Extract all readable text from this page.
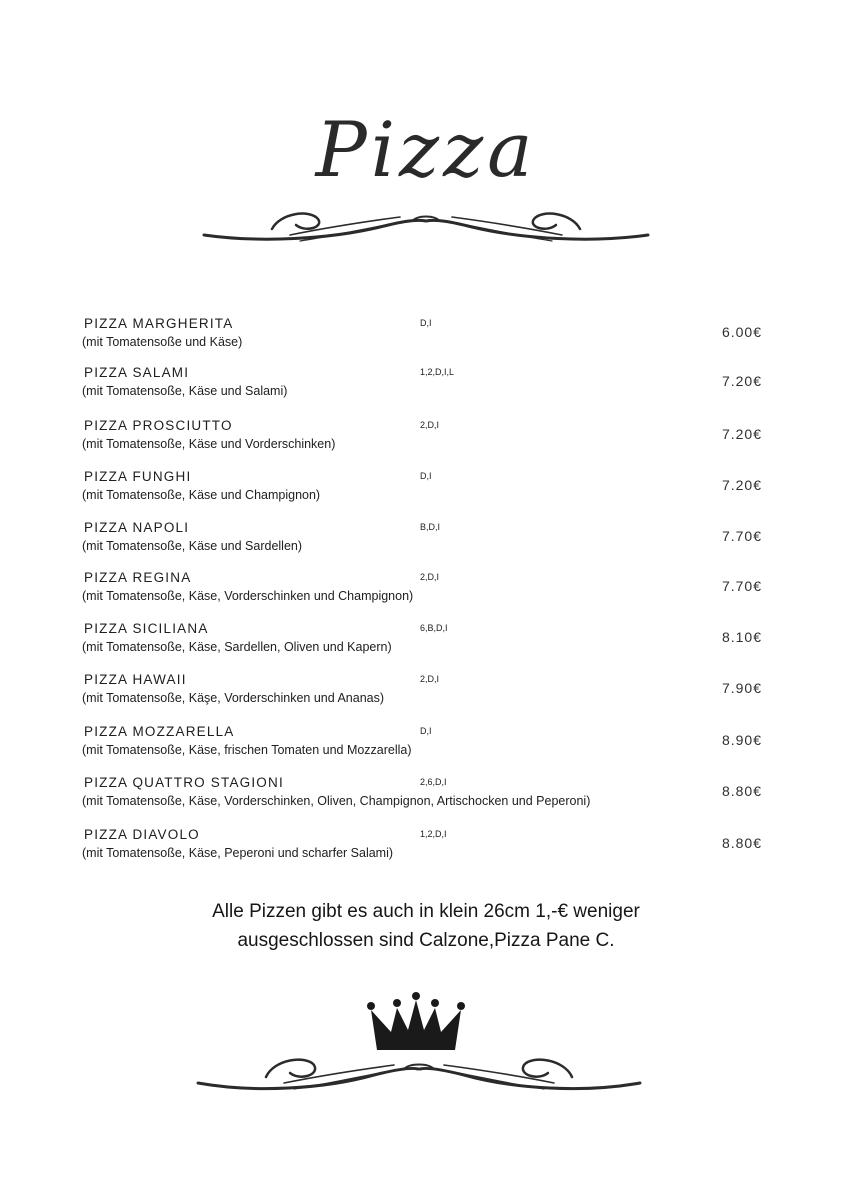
Pizza
PIZZA MARGHERITA
(mit Tomatensoße und Käse)
D,I
6.00€
PIZZA SALAMI
(mit Tomatensoße, Käse und Salami)
1,2,D,I,L
7.20€
PIZZA PROSCIUTTO
(mit Tomatensoße, Käse und Vorderschinken)
2,D,I
7.20€
PIZZA FUNGHI
(mit Tomatensoße, Käse und Champignon)
D,I
7.20€
PIZZA NAPOLI
(mit Tomatensoße, Käse und Sardellen)
B,D,I
7.70€
PIZZA REGINA
(mit Tomatensoße, Käse, Vorderschinken und Champignon)
2,D,I
7.70€
PIZZA SICILIANA
(mit Tomatensoße, Käse, Sardellen, Oliven und Kapern)
6,B,D,I
8.10€
PIZZA HAWAII
(mit Tomatensoße, Käşe, Vorderschinken und Ananas)
2,D,I
7.90€
PIZZA MOZZARELLA
(mit Tomatensoße, Käse, frischen Tomaten und Mozzarella)
D,I
8.90€
PIZZA QUATTRO STAGIONI
(mit Tomatensoße, Käse, Vorderschinken, Oliven, Champignon, Artischocken und Peperoni)
2,6,D,I
8.80€
PIZZA DIAVOLO
(mit Tomatensoße, Käse, Peperoni und scharfer Salami)
1,2,D,I
8.80€
Alle Pizzen gibt es auch in klein 26cm 1,-€ weniger
ausgeschlossen sind Calzone,Pizza Pane C.
